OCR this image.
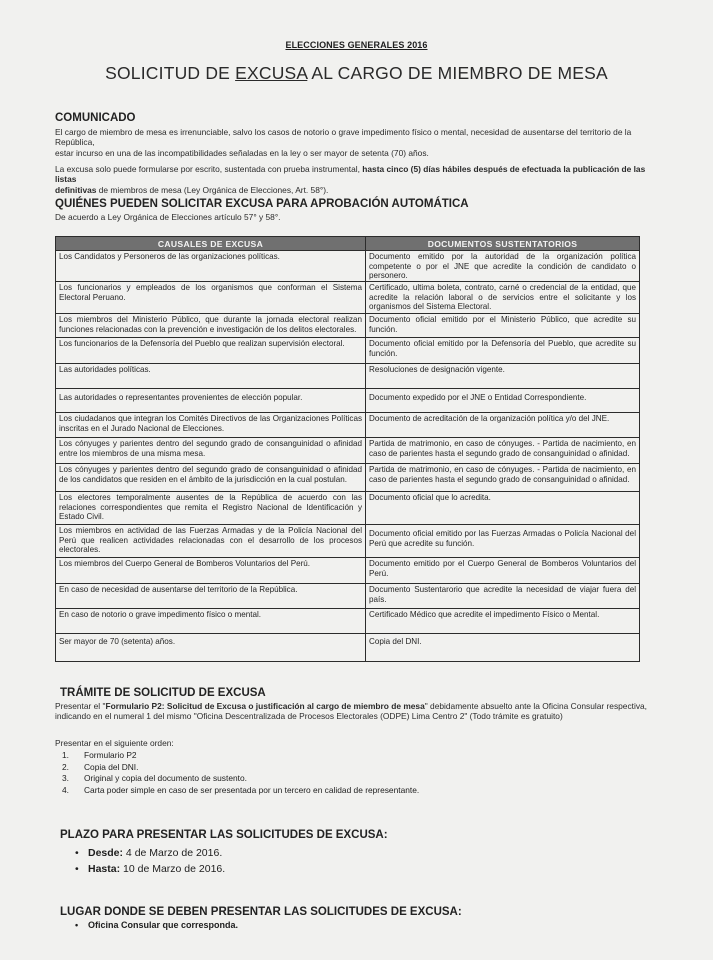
ELECCIONES GENERALES 2016
SOLICITUD DE EXCUSA AL CARGO DE MIEMBRO DE MESA
COMUNICADO
El cargo de miembro de mesa es irrenunciable, salvo los casos de notorio o grave impedimento físico o mental, necesidad de ausentarse del territorio de la República,
estar incurso en una de las incompatibilidades señaladas en la ley o ser mayor de setenta (70) años.
La excusa solo puede formularse por escrito, sustentada con prueba instrumental, hasta cinco (5) días hábiles después de efectuada la publicación de las listas
definitivas de miembros de mesa (Ley Orgánica de Elecciones, Art. 58°).
QUIÉNES PUEDEN SOLICITAR EXCUSA PARA APROBACIÓN AUTOMÁTICA
De acuerdo a Ley Orgánica de Elecciones artículo 57° y 58°.
CAUSALES DE EXCUSA	DOCUMENTOS SUSTENTATORIOS
Los Candidatos y Personeros de las organizaciones políticas.	Documento emitido por la autoridad de la organización política competente o por el JNE que acredite la condición de candidato o personero.
Los funcionarios y empleados de los organismos que conforman el Sistema Electoral Peruano.	Certificado, ultima boleta, contrato, carné o credencial de la entidad, que acredite la relación laboral o de servicios entre el solicitante y los organismos del Sistema Electoral.
Los miembros del Ministerio Público, que durante la jornada electoral realizan funciones relacionadas con la prevención e investigación de los delitos electorales.	Documento oficial emitido por el Ministerio Público, que acredite su función.
Los funcionarios de la Defensoría del Pueblo que realizan supervisión electoral.	Documento oficial emitido por la Defensoría del Pueblo, que acredite su función.
Las autoridades políticas.	Resoluciones de designación vigente.
Las autoridades o representantes provenientes de elección popular.	Documento expedido por el JNE o Entidad Correspondiente.
Los ciudadanos que integran los Comités Directivos de las Organizaciones Políticas inscritas en el Jurado Nacional de Elecciones.	Documento de acreditación de la organización política y/o del JNE.
Los cónyuges y parientes dentro del segundo grado de consanguinidad o afinidad entre los miembros de una misma mesa.	Partida de matrimonio, en caso de cónyuges. - Partida de nacimiento, en caso de parientes hasta el segundo grado de consanguinidad o afinidad.
Los cónyuges y parientes dentro del segundo grado de consanguinidad o afinidad de los candidatos que residen en el ámbito de la jurisdicción en la cual postulan.	Partida de matrimonio, en caso de cónyuges. - Partida de nacimiento, en caso de parientes hasta el segundo grado de consanguinidad o afinidad.
Los electores temporalmente ausentes de la República de acuerdo con las relaciones correspondientes que remita el Registro Nacional de Identificación y Estado Civil.	Documento oficial que lo acredita.
Los miembros en actividad de las Fuerzas Armadas y de la Policía Nacional del Perú que realicen actividades relacionadas con el desarrollo de los procesos electorales.	Documento oficial emitido por las Fuerzas Armadas o Policía Nacional del Perú que acredite su función.
Los miembros del Cuerpo General de Bomberos Voluntarios del Perú.	Documento emitido por el Cuerpo General de Bomberos Voluntarios del Perú.
En caso de necesidad de ausentarse del territorio de la República.	Documento Sustentarorio que acredite la necesidad de viajar fuera del país.
En caso de notorio o grave impedimento físico o mental.	Certificado Médico que acredite el impedimento Físico o Mental.
Ser mayor de 70 (setenta) años.	Copia del DNI.
TRÁMITE DE SOLICITUD DE EXCUSA
Presentar el "Formulario P2: Solicitud de Excusa o justificación al cargo de miembro de mesa" debidamente absuelto ante la Oficina Consular respectiva,
indicando en el numeral 1 del mismo "Oficina Descentralizada de Procesos Electorales (ODPE) Lima Centro 2" (Todo trámite es gratuito)
Presentar en el siguiente orden:
1. Formulario P2
2. Copia del DNI.
3. Original y copia del documento de sustento.
4. Carta poder simple en caso de ser presentada por un tercero en calidad de representante.
PLAZO PARA PRESENTAR LAS SOLICITUDES DE EXCUSA:
• Desde: 4 de Marzo de 2016.
• Hasta: 10 de Marzo de 2016.
LUGAR DONDE SE DEBEN PRESENTAR LAS SOLICITUDES DE EXCUSA:
• Oficina Consular que corresponda.
